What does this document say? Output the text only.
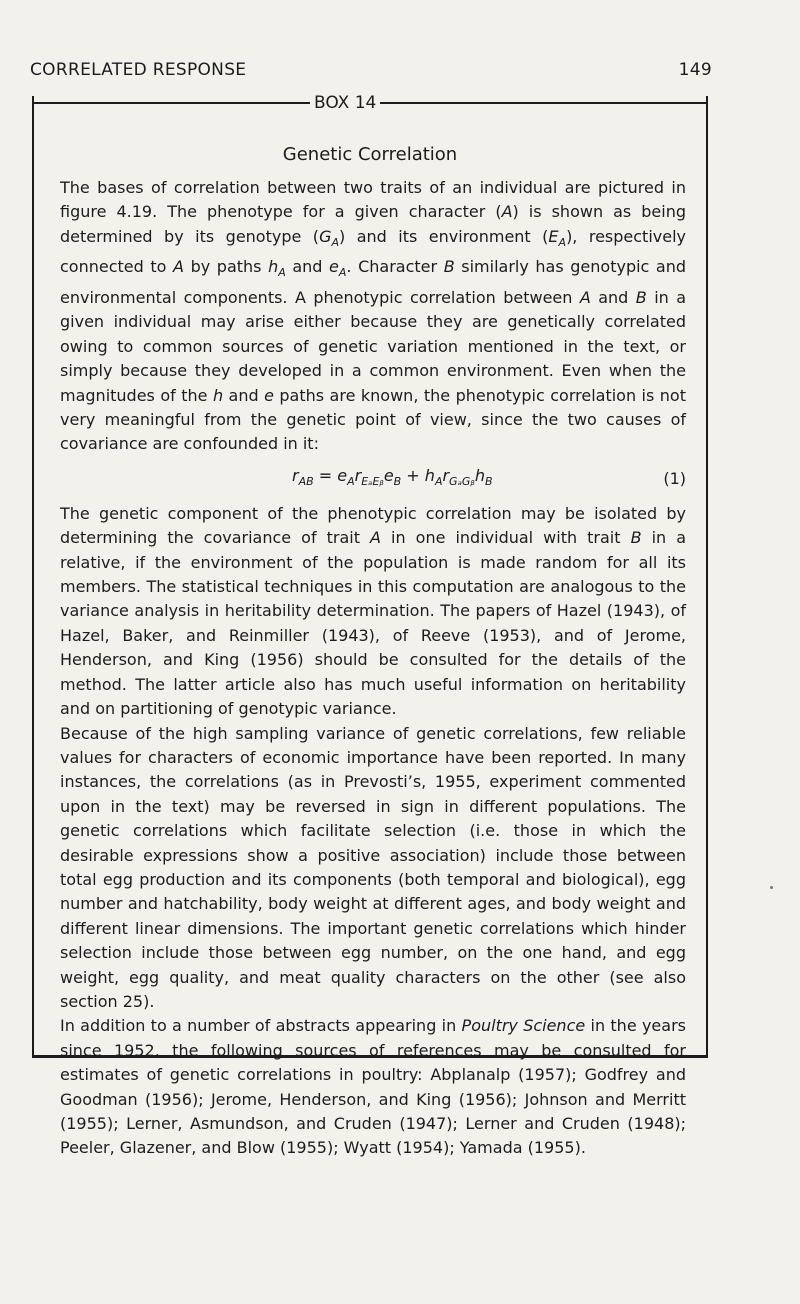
CORRELATED RESPONSE	149
BOX 14
Genetic Correlation

The bases of correlation between two traits of an individual are pictured in figure 4.19. The phenotype for a given character (A) is shown as being determined by its genotype $(G_A)$ and its environment $(E_A)$, respectively connected to A by paths $h_A$ and $e_A$. Character B similarly has genotypic and environmental components. A phenotypic correlation between A and B in a given individual may arise either because they are genetically correlated owing to common sources of genetic variation mentioned in the text, or simply because they developed in a common environment. Even when the magnitudes of the h and e paths are known, the phenotypic correlation is not very meaningful from the genetic point of view, since the two causes of covariance are confounded in it:

$r_{AB} = e_Ar_{E_aEᵦ}e_B + h_Ar_{G_aGᵦ}h_B$	(1)

The genetic component of the phenotypic correlation may be isolated by determining the covariance of trait A in one individual with trait B in a relative, if the environment of the population is made random for all its members. The statistical techniques in this computation are analogous to the variance analysis in heritability determination. The papers of Hazel (1943), of Hazel, Baker, and Reinmiller (1943), of Reeve (1953), and of Jerome, Henderson, and King (1956) should be consulted for the details of the method. The latter article also has much useful information on heritability and on partitioning of genotypic variance.

Because of the high sampling variance of genetic correlations, few reliable values for characters of economic importance have been reported. In many instances, the correlations (as in Prevosti’s, 1955, experiment commented upon in the text) may be reversed in sign in different populations. The genetic correlations which facilitate selection (i.e. those in which the desirable expressions show a positive association) include those between total egg production and its components (both temporal and biological), egg number and hatchability, body weight at different ages, and body weight and different linear dimensions. The important genetic correlations which hinder selection include those between egg number, on the one hand, and egg weight, egg quality, and meat quality characters on the other (see also section 25).

In addition to a number of abstracts appearing in Poultry Science in the years since 1952, the following sources of references may be consulted for estimates of genetic correlations in poultry: Abplanalp (1957); Godfrey and Goodman (1956); Jerome, Henderson, and King (1956); Johnson and Merritt (1955); Lerner, Asmundson, and Cruden (1947); Lerner and Cruden (1948); Peeler, Glazener, and Blow (1955); Wyatt (1954); Yamada (1955).
